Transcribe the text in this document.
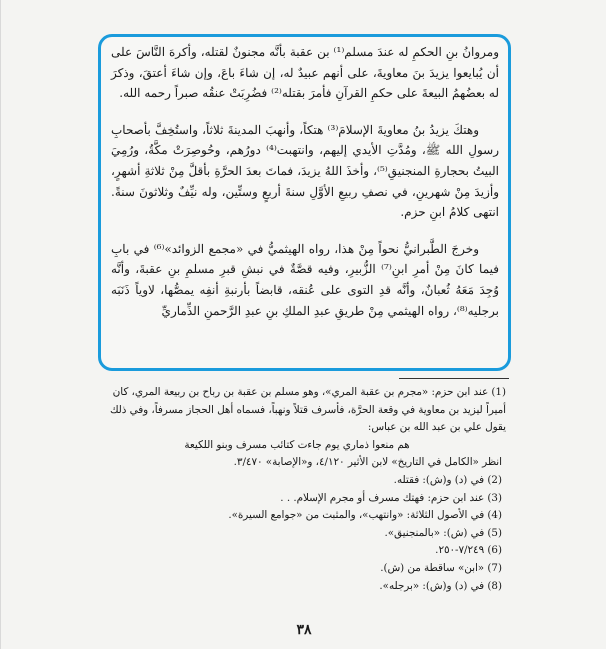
ومروانُ بنِ الحكمِ له عندَ مسلم⁽¹⁾ بن عقبة بأنَّه مجنونٌ لقتله، وأكرهَ النَّاسَ على أن يُبايعوا يزيدَ بنَ معاويةَ، على أنهم عبيدٌ له، إن شاءَ باعَ، وإن شاءَ أعتقَ، وذكرَ له بعضُهمُ البيعةَ على حكمِ القرآنِ فأمرَ بقتله⁽²⁾ فضُرِبَتْ عنقُه صبراً رحمه الله.

وهتكَ يزيدُ بنُ معاويةَ الإسلامَ⁽³⁾ هتكاً، وأنهبَ المدينةَ ثلاثاً، واستُخِفَّ بأصحابِ رسولِ الله ﷺ، ومُدَّتِ الأيدي إليهم، وانتهبت⁽⁴⁾ دورُهم، وحُوصِرَتْ مكَّةُ، ورُمِيَ البيتُ بحجارةِ المنجنيقِ⁽⁵⁾، وأخذَ اللهُ يزيدَ، فماتَ بعدَ الحرَّةِ بأقلَّ مِنْ ثلاثةِ أشهرٍ، وأزيدَ مِنْ شهرينِ، في نصفِ ربيعِ الأوَّلِ سنةَ أربعٍ وستِّين، وله نيِّفٌ وثلاثونَ سنةً. انتهى كلامُ ابنِ حزم.

وخرجَ الطَّبرانيُّ نحواً مِنْ هذا، رواه الهيثميُّ في «مجمع الزوائد»⁽⁶⁾ في بابِ فيما كانَ مِنْ أمرِ ابنِ⁽⁷⁾ الزُّبيرِ، وفيه قصَّةٌ في نبشِ قبرِ مسلمِ بنِ عقبةَ، وأنَّه وُجِدَ مَعَهُ ثُعبانٌ، وأنَّه قدِ التوى على عُنقه، قابضاً بأرنبةِ أنفِه يمصُّها، لاوياً ذَنَبَه برجليه⁽⁸⁾، رواه الهيثمي مِنْ طريقِ عبدِ الملكِ بنِ عبدِ الرَّحمنِ الذِّماريِّ

(1) عند ابن حزم: «مجرم بن عقبة المري»، وهو مسلم بن عقبة بن رباح بن ربيعة المري، كان أميراً ليزيد بن معاوية في وقعة الحرَّة، فأسرف قتلاً ونهباً، فسماه أهل الحجاز مسرفاً، وفي ذلك يقول علي بن عبد الله بن عباس:

هم منعوا ذماري يوم جاءت كتائب مسرف وبنو اللكيعة

انظر «الكامل في التاريخ» لابن الأثير ٤/١٢٠، و«الإصابة» ٣/٤٧٠.

(2) في (د) و(ش): فقتله.

(3) عند ابن حزم: فهتك مسرف أو مجرم الإسلام. . .

(4) في الأصول الثلاثة: «وانتهب»، والمثبت من «جوامع السيرة».

(5) في (ش): «بالمنجنيق».

(6) ٧/٢٤٩-٢٥٠.

(7) «ابن» ساقطة من (ش).

(8) في (د) و(ش): «برجله».

٣٨
